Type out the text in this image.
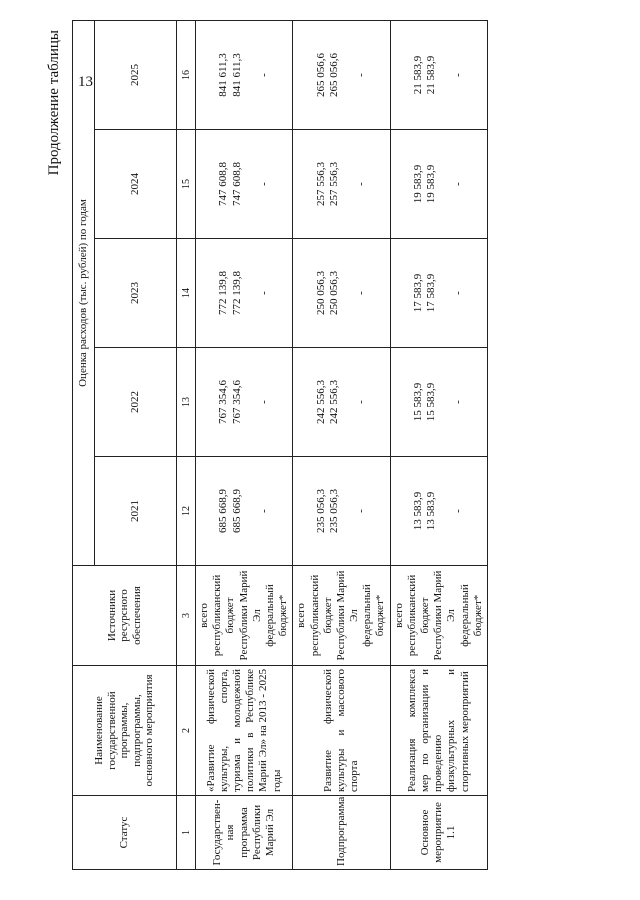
13
Продолжение таблицы
Статус	Наименование государственной программы, подпрограммы, основного мероприятия	Источники ресурсного обеспечения	Оценка расходов (тыс. рублей) по годам				
			2021	2022	2023	2024	2025
1	2	3	12	13	14	15	16
Государствен-ная программа Республики Марий Эл	«Развитие физической культуры, спорта, туризма и молодежной политики в Республике Марий Эл» на 2013 - 2025 годы	всего республиканский бюджет Республики Марий Эл федеральный бюджет*	685 668,9 685 668,9 -	767 354,6 767 354,6 -	772 139,8 772 139,8 -	747 608,8 747 608,8 -	841 611,3 841 611,3 -

Подпрограмма	Развитие физической культуры и массового спорта	всего республиканский бюджет Республики Марий Эл федеральный бюджет*	235 056,3 235 056,3 -	242 556,3 242 556,3 -	250 056,3 250 056,3 -	257 556,3 257 556,3 -	265 056,6 265 056,6 -

Основное мероприятие 1.1	Реализация комплекса мер по организации и проведению физкультурных и спортивных мероприятий	всего республиканский бюджет Республики Марий Эл федеральный бюджет*	13 583,9 13 583,9 -	15 583,9 15 583,9 -	17 583,9 17 583,9 -	19 583,9 19 583,9 -	21 583,9 21 583,9 -
